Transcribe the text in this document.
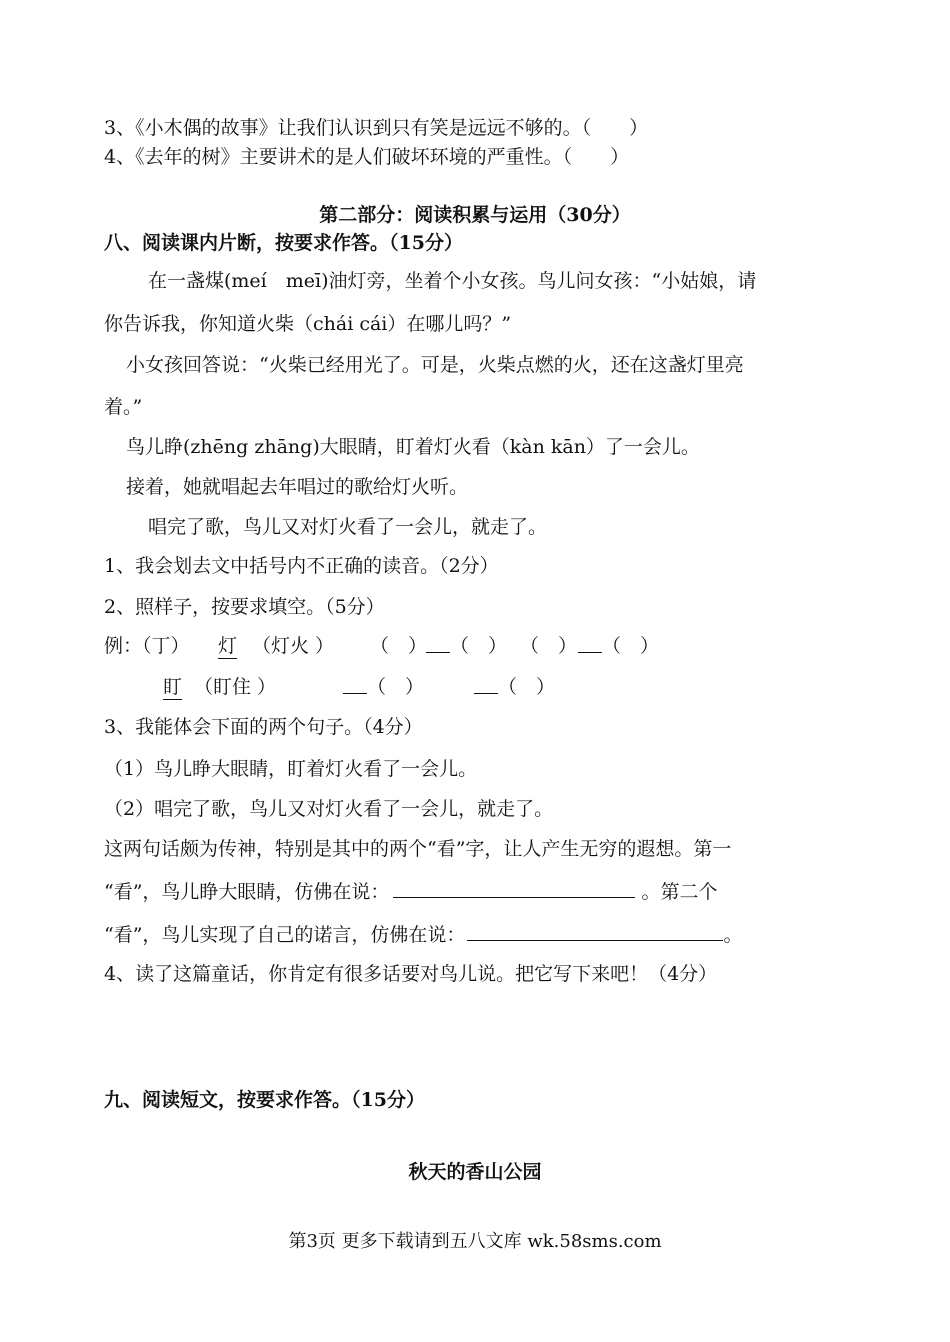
3、《小木偶的故事》让我们认识到只有笑是远远不够的。（　　）
4、《去年的树》主要讲术的是人们破坏环境的严重性。（　　）
第二部分：阅读积累与运用（30分）
八、阅读课内片断，按要求作答。（15分）
在一盏煤(meí　meī)油灯旁，坐着个小女孩。鸟儿问女孩：“小姑娘，请
你告诉我，你知道火柴（chái cái）在哪儿吗？”
小女孩回答说：“火柴已经用光了。可是，火柴点燃的火，还在这盏灯里亮
着。”
鸟儿睁(zhēng zhāng)大眼睛，盯着灯火看（kàn kān）了一会儿。
接着，她就唱起去年唱过的歌给灯火听。
唱完了歌，鸟儿又对灯火看了一会儿，就走了。
1、我会划去文中括号内不正确的读音。（2分）
2、照样子，按要求填空。（5分）
例：（丁） 灯 （灯火 ） （　） （　） （　） （　）
盯 （盯住 ）	（　）	（　）
3、我能体会下面的两个句子。（4分）
（1）鸟儿睁大眼睛，盯着灯火看了一会儿。
（2）唱完了歌，鸟儿又对灯火看了一会儿，就走了。
这两句话颇为传神，特别是其中的两个“看”字，让人产生无穷的遐想。第一
“看”，鸟儿睁大眼睛，仿佛在说：	。第二个
“看”，鸟儿实现了自己的诺言，仿佛在说：	。
4、读了这篇童话，你肯定有很多话要对鸟儿说。把它写下来吧！（4分）
九、阅读短文，按要求作答。（15分）
秋天的香山公园
第3页 更多下载请到五八文库 wk.58sms.com
